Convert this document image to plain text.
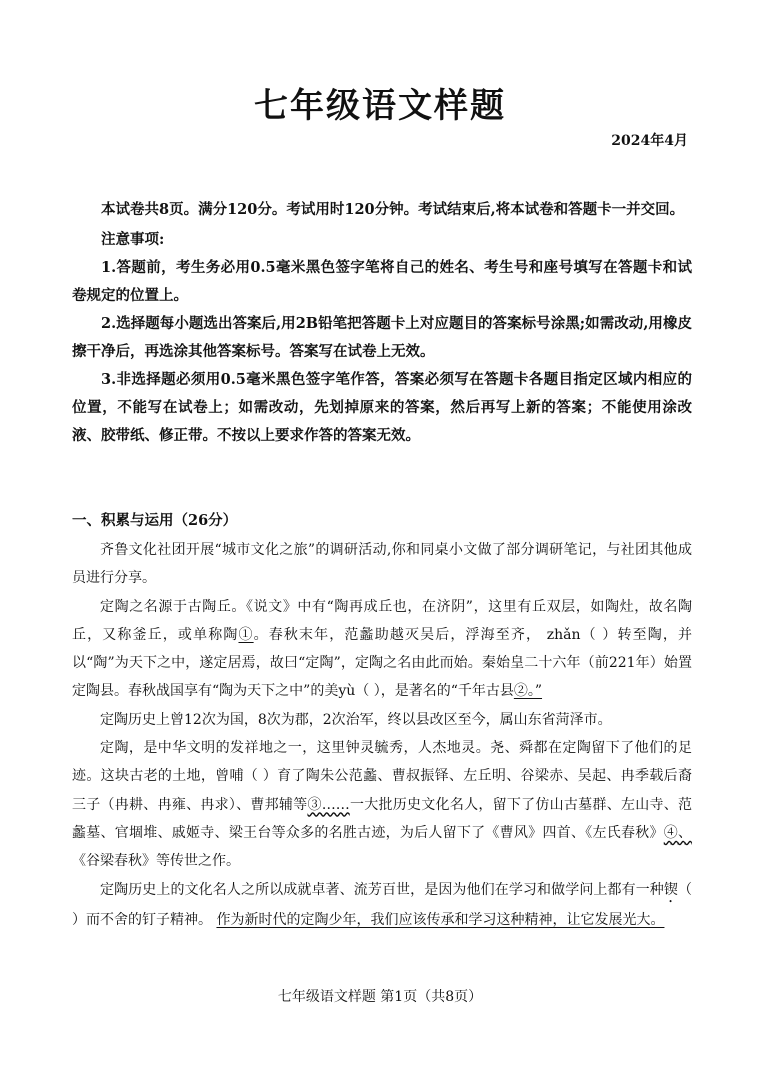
七年级语文样题
2024年4月

本试卷共8页。满分120分。考试用时120分钟。考试结束后,将本试卷和答题卡一并交回。

注意事项:

1.答题前，考生务必用0.5毫米黑色签字笔将自己的姓名、考生号和座号填写在答题卡和试卷规定的位置上。

2.选择题每小题选出答案后,用2B铅笔把答题卡上对应题目的答案标号涂黑;如需改动,用橡皮擦干净后，再选涂其他答案标号。答案写在试卷上无效。

3.非选择题必须用0.5毫米黑色签字笔作答，答案必须写在答题卡各题目指定区域内相应的位置，不能写在试卷上；如需改动，先划掉原来的答案，然后再写上新的答案；不能使用涂改液、胶带纸、修正带。不按以上要求作答的答案无效。

一、积累与运用（26分）

齐鲁文化社团开展“城市文化之旅”的调研活动,你和同桌小文做了部分调研笔记，与社团其他成员进行分享。

定陶之名源于古陶丘。《说文》中有“陶再成丘也，在济阴”，这里有丘双层，如陶灶，故名陶丘，又称釜丘，或单称陶①。春秋末年，范蠡助越灭吴后，浮海至齐， zhǎn（ ）转至陶，并以“陶”为天下之中，遂定居焉，故曰“定陶”，定陶之名由此而始。秦始皇二十六年（前221年）始置定陶县。春秋战国享有“陶为天下之中”的美yù（ ），是著名的“千年古县②。”

定陶历史上曾12次为国，8次为郡，2次治军，终以县改区至今，属山东省菏泽市。

定陶，是中华文明的发祥地之一，这里钟灵毓秀，人杰地灵。尧、舜都在定陶留下了他们的足迹。这块古老的土地，曾哺（ ）育了陶朱公范蠡、曹叔振铎、左丘明、谷梁赤、吴起、冉季载后裔三子（冉耕、冉雍、冉求）、曹邦辅等③……一大批历史文化名人，留下了仿山古墓群、左山寺、范蠡墓、官堌堆、戚姬寺、梁王台等众多的名胜古迹，为后人留下了《曹风》四首、《左氏春秋》④、《谷梁春秋》等传世之作。

定陶历史上的文化名人之所以成就卓著、流芳百世，是因为他们在学习和做学问上都有一种锲（ ）而不舍的钉子精神。 作为新时代的定陶少年，我们应该传承和学习这种精神，让它发展光大。

七年级语文样题 第1页（共8页）
